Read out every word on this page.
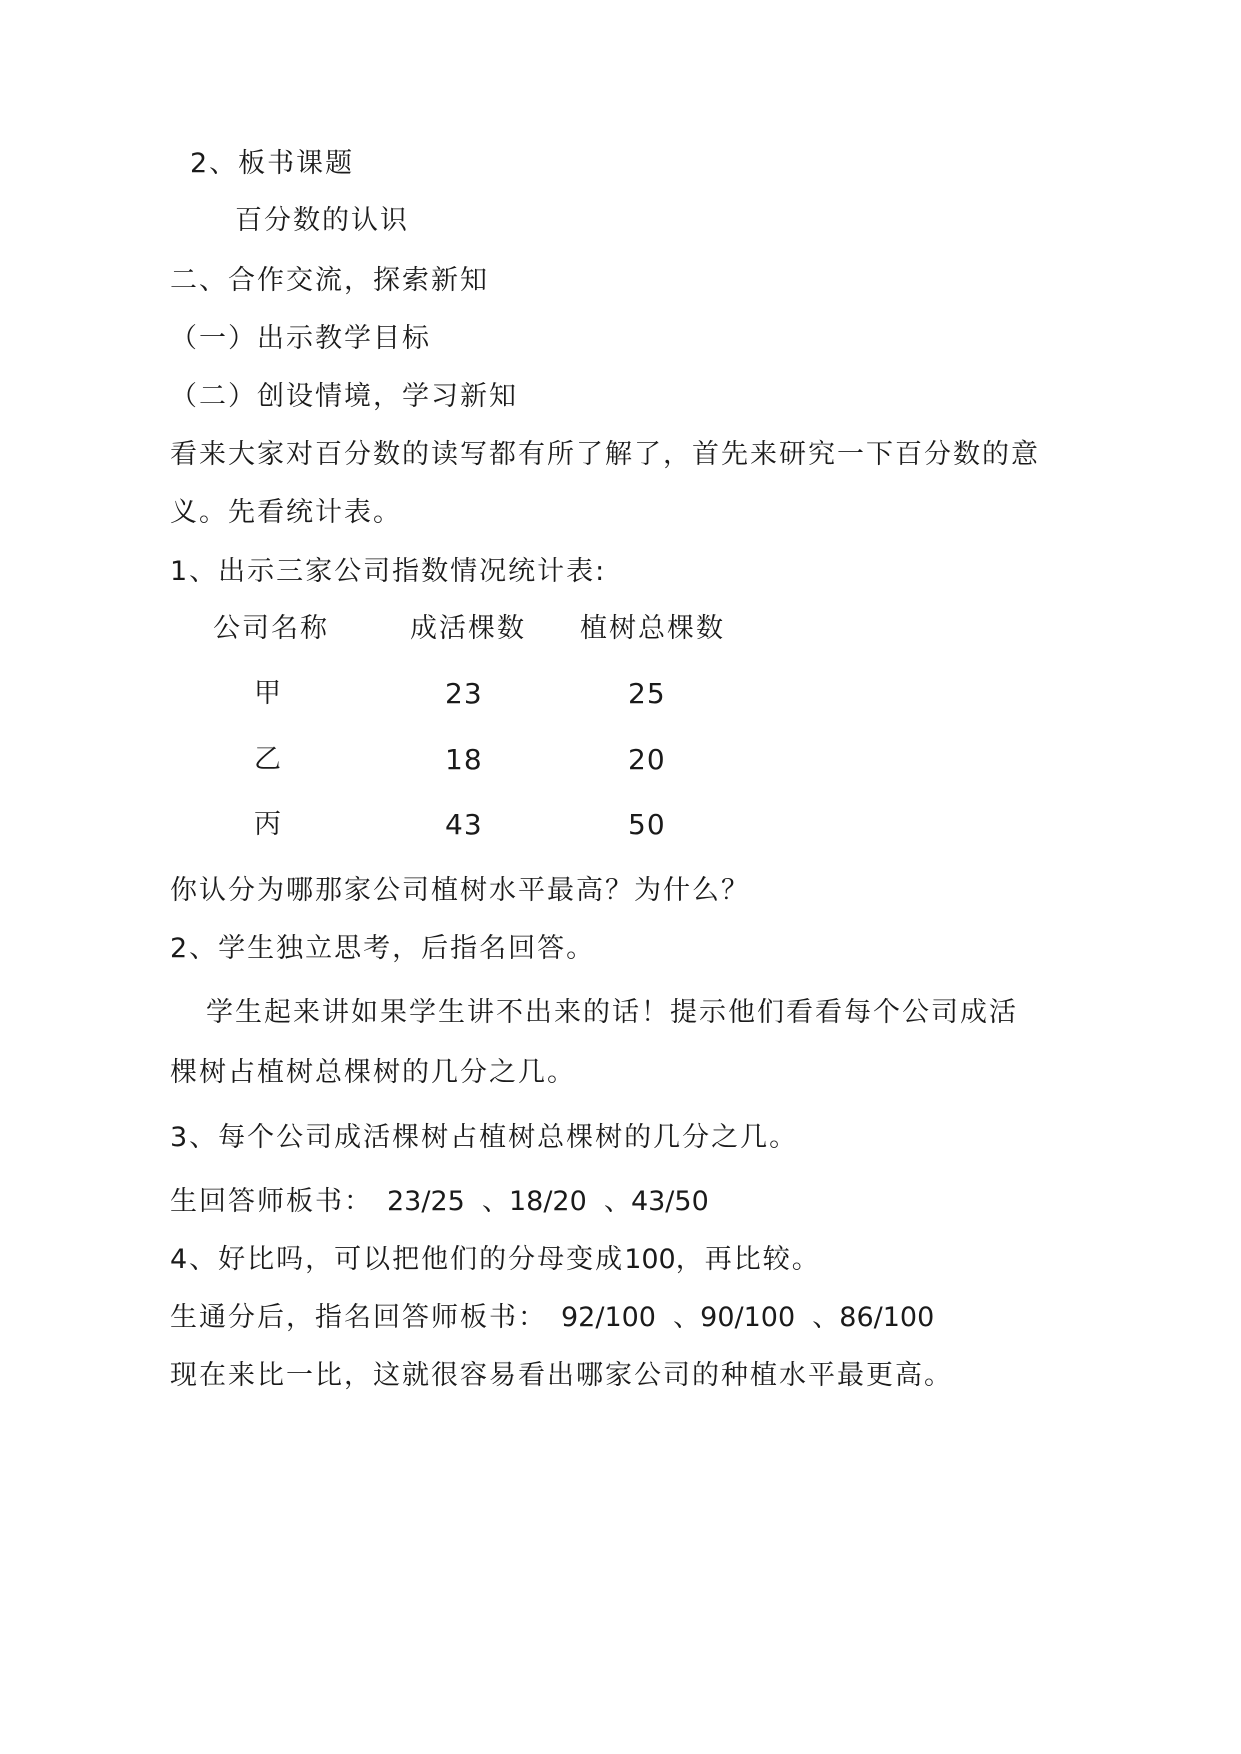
2、板书课题
百分数的认识
二、合作交流，探索新知
（一）出示教学目标
（二）创设情境，学习新知
看来大家对百分数的读写都有所了解了，首先来研究一下百分数的意
义。先看统计表。
1、出示三家公司指数情况统计表:
公司名称	成活棵数 植树总棵数
甲	23	25
乙	18	20
丙	43	50
你认分为哪那家公司植树水平最高？为什么？
2、学生独立思考，后指名回答。
学生起来讲如果学生讲不出来的话！提示他们看看每个公司成活
棵树占植树总棵树的几分之几。
3、每个公司成活棵树占植树总棵树的几分之几。
生回答师板书： 23/25  、18/20  、43/50
4、好比吗，可以把他们的分母变成100，再比较。
生通分后，指名回答师板书： 92/100  、90/100  、86/100
现在来比一比，这就很容易看出哪家公司的种植水平最更高。
